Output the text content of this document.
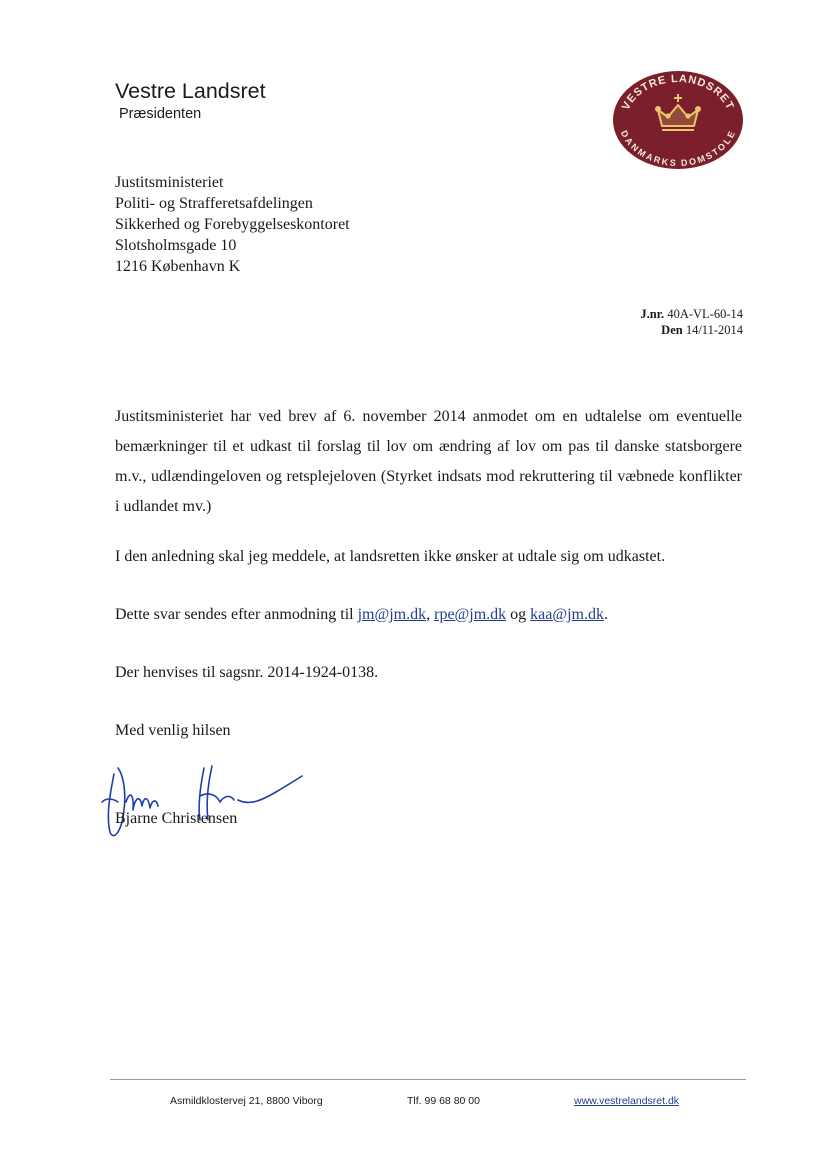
Vestre Landsret
Præsidenten
VESTRE LANDSRET
DANMARKS DOMSTOLE
Justitsministeriet
Politi- og Strafferetsafdelingen
Sikkerhed og Forebyggelseskontoret
Slotsholmsgade 10
1216 København K
J.nr. 40A-VL-60-14
Den 14/11-2014
Justitsministeriet har ved brev af 6. november 2014 anmodet om en udtalelse om eventuelle bemærkninger til et udkast til forslag til lov om ændring af lov om pas til danske statsborgere m.v., udlændingeloven og retsplejeloven (Styrket indsats mod rekruttering til væbnede konflikter i udlandet mv.)
I den anledning skal jeg meddele, at landsretten ikke ønsker at udtale sig om udkastet.
Dette svar sendes efter anmodning til jm@jm.dk, rpe@jm.dk og kaa@jm.dk.
Der henvises til sagsnr. 2014-1924-0138.
Med venlig hilsen
Bjarne Christensen
Asmildklostervej 21, 8800 Viborg	Tlf. 99 68 80 00	www.vestrelandsret.dk
